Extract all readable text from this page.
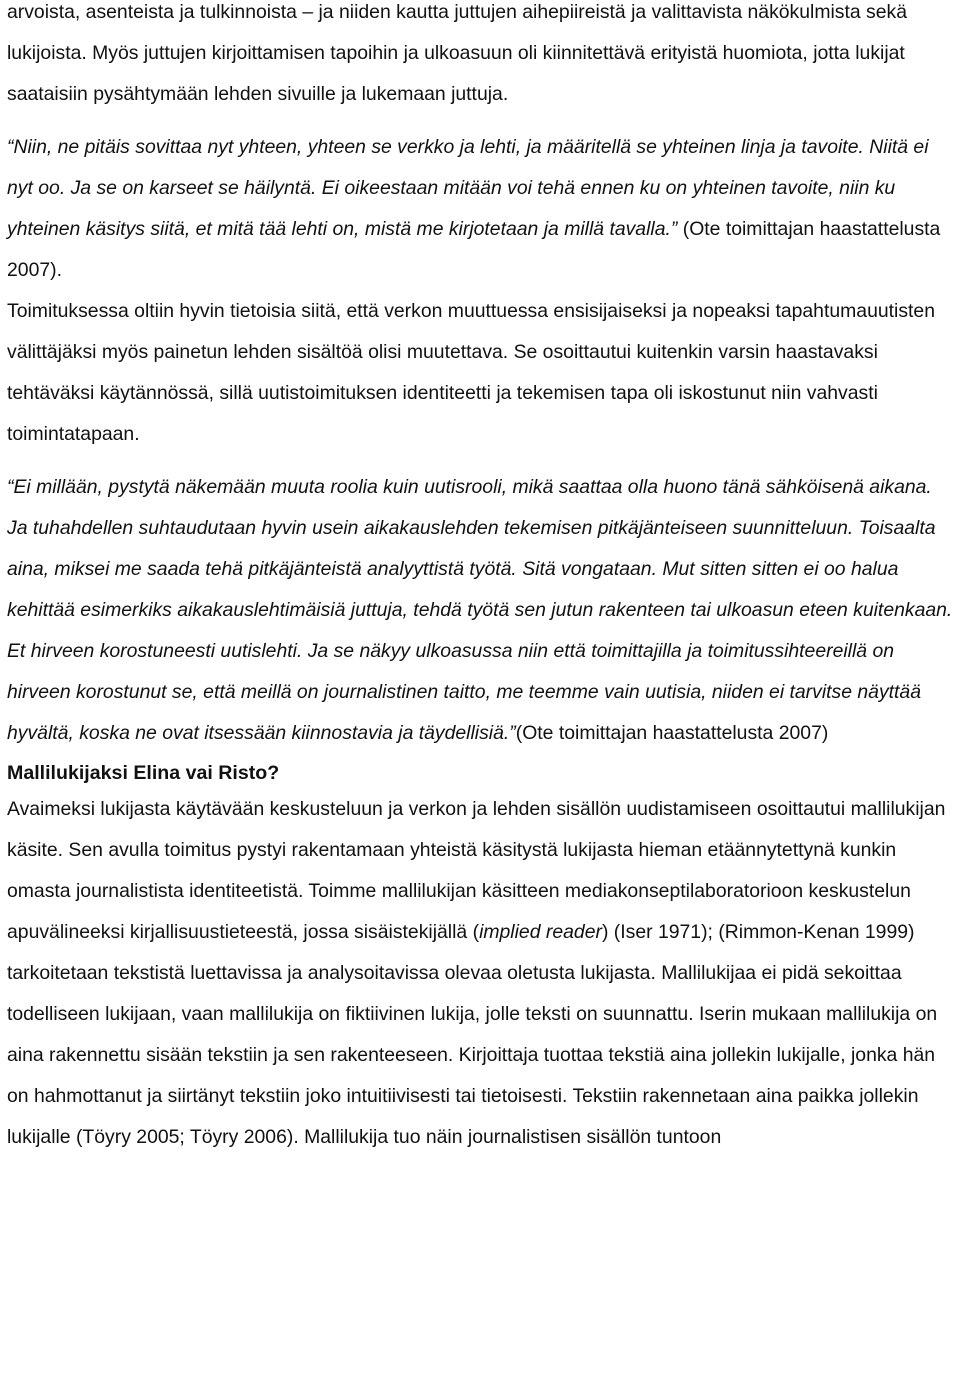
arvoista, asenteista ja tulkinnoista – ja niiden kautta juttujen aihepiireistä ja valittavista näkökulmista sekä lukijoista. Myös juttujen kirjoittamisen tapoihin ja ulkoasuun oli kiinnitettävä erityistä huomiota, jotta lukijat saataisiin pysähtymään lehden sivuille ja lukemaan juttuja.

“Niin, ne pitäis sovittaa nyt yhteen, yhteen se verkko ja lehti, ja määritellä se yhteinen linja ja tavoite. Niitä ei nyt oo. Ja se on karseet se häilyntä. Ei oikeestaan mitään voi tehä ennen ku on yhteinen tavoite, niin ku yhteinen käsitys siitä, et mitä tää lehti on, mistä me kirjotetaan ja millä tavalla.” (Ote toimittajan haastattelusta 2007).

Toimituksessa oltiin hyvin tietoisia siitä, että verkon muuttuessa ensisijaiseksi ja nopeaksi tapahtumauutisten välittäjäksi myös painetun lehden sisältöä olisi muutettava. Se osoittautui kuitenkin varsin haastavaksi tehtäväksi käytännössä, sillä uutistoimituksen identiteetti ja tekemisen tapa oli iskostunut niin vahvasti toimintatapaan.

“Ei millään, pystytä näkemään muuta roolia kuin uutisrooli, mikä saattaa olla huono tänä sähköisenä aikana. Ja tuhahdellen suhtaudutaan hyvin usein aikakauslehden tekemisen pitkäjänteiseen suunnitteluun. Toisaalta aina, miksei me saada tehä pitkäjänteistä analyyttistä työtä. Sitä vongataan. Mut sitten sitten ei oo halua kehittää esimerkiks aikakauslehtimäisiä juttuja, tehdä työtä sen jutun rakenteen tai ulkoasun eteen kuitenkaan. Et hirveen korostuneesti uutislehti. Ja se näkyy ulkoasussa niin että toimittajilla ja toimitussihteereillä on hirveen korostunut se, että meillä on journalistinen taitto, me teemme vain uutisia, niiden ei tarvitse näyttää hyvältä, koska ne ovat itsessään kiinnostavia ja täydellisiä.”(Ote toimittajan haastattelusta 2007)

Mallilukijaksi Elina vai Risto?

Avaimeksi lukijasta käytävään keskusteluun ja verkon ja lehden sisällön uudistamiseen osoittautui mallilukijan käsite. Sen avulla toimitus pystyi rakentamaan yhteistä käsitystä lukijasta hieman etäännytettynä kunkin omasta journalistista identiteetistä. Toimme mallilukijan käsitteen mediakonseptilaboratorioon keskustelun apuvälineeksi kirjallisuustieteestä, jossa sisäistekijällä (implied reader) (Iser 1971); (Rimmon-Kenan 1999) tarkoitetaan tekstistä luettavissa ja analysoitavissa olevaa oletusta lukijasta. Mallilukijaa ei pidä sekoittaa todelliseen lukijaan, vaan mallilukija on fiktiivinen lukija, jolle teksti on suunnattu. Iserin mukaan mallilukija on aina rakennettu sisään tekstiin ja sen rakenteeseen. Kirjoittaja tuottaa tekstiä aina jollekin lukijalle, jonka hän on hahmottanut ja siirtänyt tekstiin joko intuitiivisesti tai tietoisesti. Tekstiin rakennetaan aina paikka jollekin lukijalle (Töyry 2005; Töyry 2006). Mallilukija tuo näin journalistisen sisällön tuntoon
